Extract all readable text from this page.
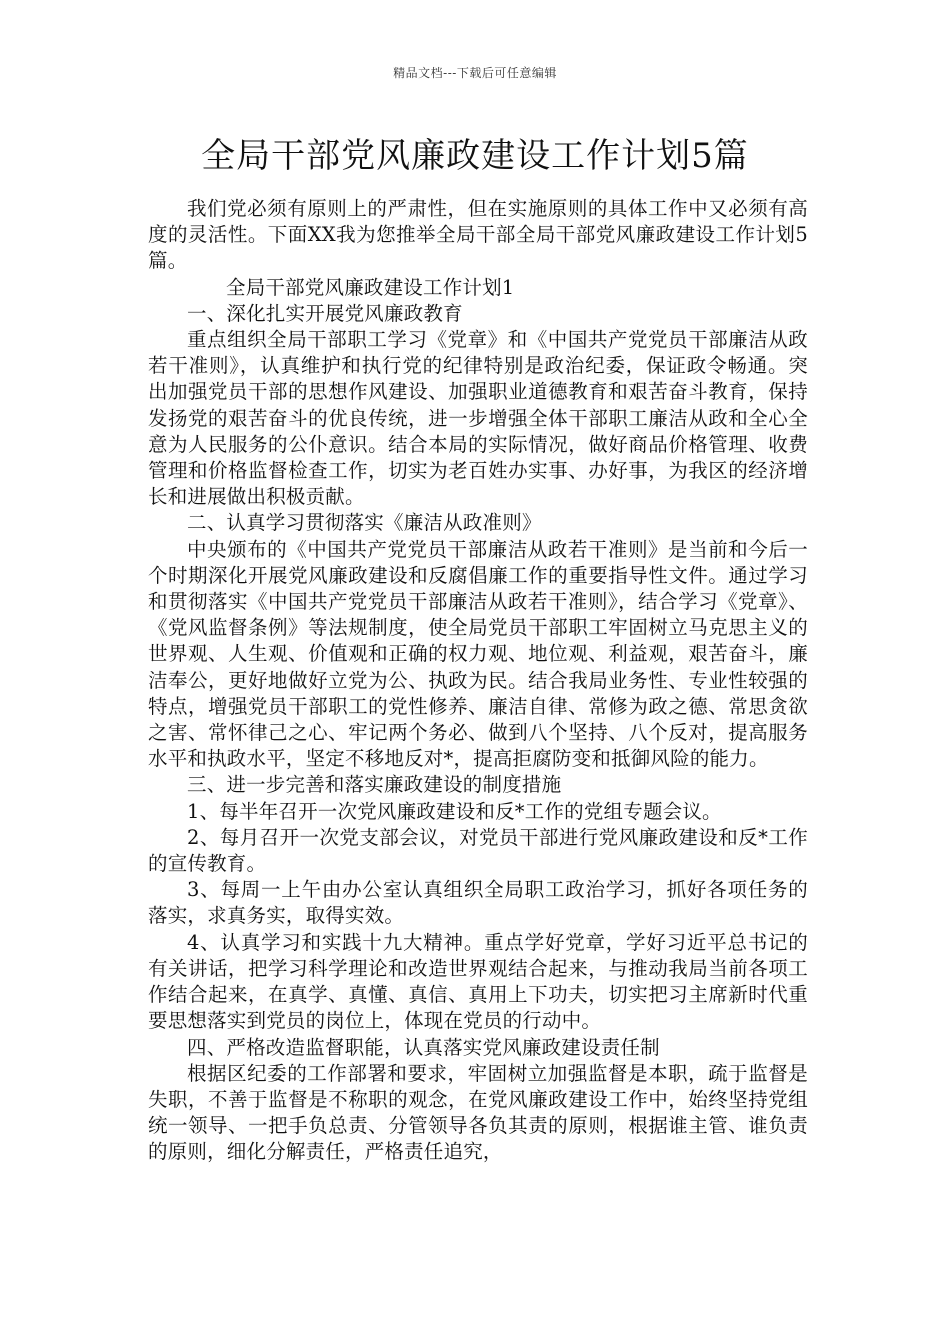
精品文档---下载后可任意编辑
全局干部党风廉政建设工作计划5篇

我们党必须有原则上的严肃性，但在实施原则的具体工作中又必须有高度的灵活性。下面XX我为您推举全局干部全局干部党风廉政建设工作计划5篇。

全局干部党风廉政建设工作计划1

一、深化扎实开展党风廉政教育

重点组织全局干部职工学习《党章》和《中国共产党党员干部廉洁从政若干准则》，认真维护和执行党的纪律特别是政治纪委，保证政令畅通。突出加强党员干部的思想作风建设、加强职业道德教育和艰苦奋斗教育，保持发扬党的艰苦奋斗的优良传统，进一步增强全体干部职工廉洁从政和全心全意为人民服务的公仆意识。结合本局的实际情况，做好商品价格管理、收费管理和价格监督检查工作，切实为老百姓办实事、办好事，为我区的经济增长和进展做出积极贡献。

二、认真学习贯彻落实《廉洁从政准则》

中央颁布的《中国共产党党员干部廉洁从政若干准则》是当前和今后一个时期深化开展党风廉政建设和反腐倡廉工作的重要指导性文件。通过学习和贯彻落实《中国共产党党员干部廉洁从政若干准则》，结合学习《党章》、《党风监督条例》等法规制度，使全局党员干部职工牢固树立马克思主义的世界观、人生观、价值观和正确的权力观、地位观、利益观，艰苦奋斗，廉洁奉公，更好地做好立党为公、执政为民。结合我局业务性、专业性较强的特点，增强党员干部职工的党性修养、廉洁自律、常修为政之德、常思贪欲之害、常怀律己之心、牢记两个务必、做到八个坚持、八个反对，提高服务水平和执政水平，坚定不移地反对*，提高拒腐防变和抵御风险的能力。

三、进一步完善和落实廉政建设的制度措施

1、每半年召开一次党风廉政建设和反*工作的党组专题会议。

2、每月召开一次党支部会议，对党员干部进行党风廉政建设和反*工作的宣传教育。

3、每周一上午由办公室认真组织全局职工政治学习，抓好各项任务的落实，求真务实，取得实效。

4、认真学习和实践十九大精神。重点学好党章，学好习近平总书记的有关讲话，把学习科学理论和改造世界观结合起来，与推动我局当前各项工作结合起来，在真学、真懂、真信、真用上下功夫，切实把习主席新时代重要思想落实到党员的岗位上，体现在党员的行动中。

四、严格改造监督职能，认真落实党风廉政建设责任制

根据区纪委的工作部署和要求，牢固树立加强监督是本职，疏于监督是失职，不善于监督是不称职的观念，在党风廉政建设工作中，始终坚持党组统一领导、一把手负总责、分管领导各负其责的原则，根据谁主管、谁负责的原则，细化分解责任，严格责任追究，
